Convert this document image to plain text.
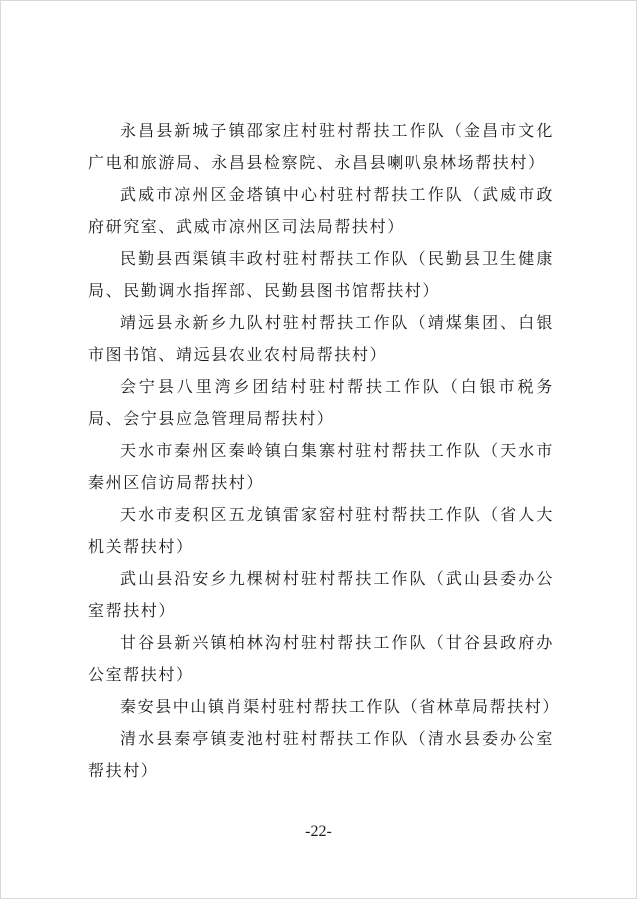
永昌县新城子镇邵家庄村驻村帮扶工作队（金昌市文化广电和旅游局、永昌县检察院、永昌县喇叭泉林场帮扶村）

武威市凉州区金塔镇中心村驻村帮扶工作队（武威市政府研究室、武威市凉州区司法局帮扶村）

民勤县西渠镇丰政村驻村帮扶工作队（民勤县卫生健康局、民勤调水指挥部、民勤县图书馆帮扶村）

靖远县永新乡九队村驻村帮扶工作队（靖煤集团、白银市图书馆、靖远县农业农村局帮扶村）

会宁县八里湾乡团结村驻村帮扶工作队（白银市税务局、会宁县应急管理局帮扶村）

天水市秦州区秦岭镇白集寨村驻村帮扶工作队（天水市秦州区信访局帮扶村）

天水市麦积区五龙镇雷家窑村驻村帮扶工作队（省人大机关帮扶村）

武山县沿安乡九棵树村驻村帮扶工作队（武山县委办公室帮扶村）

甘谷县新兴镇柏林沟村驻村帮扶工作队（甘谷县政府办公室帮扶村）

秦安县中山镇肖渠村驻村帮扶工作队（省林草局帮扶村）

清水县秦亭镇麦池村驻村帮扶工作队（清水县委办公室帮扶村）

-22-
